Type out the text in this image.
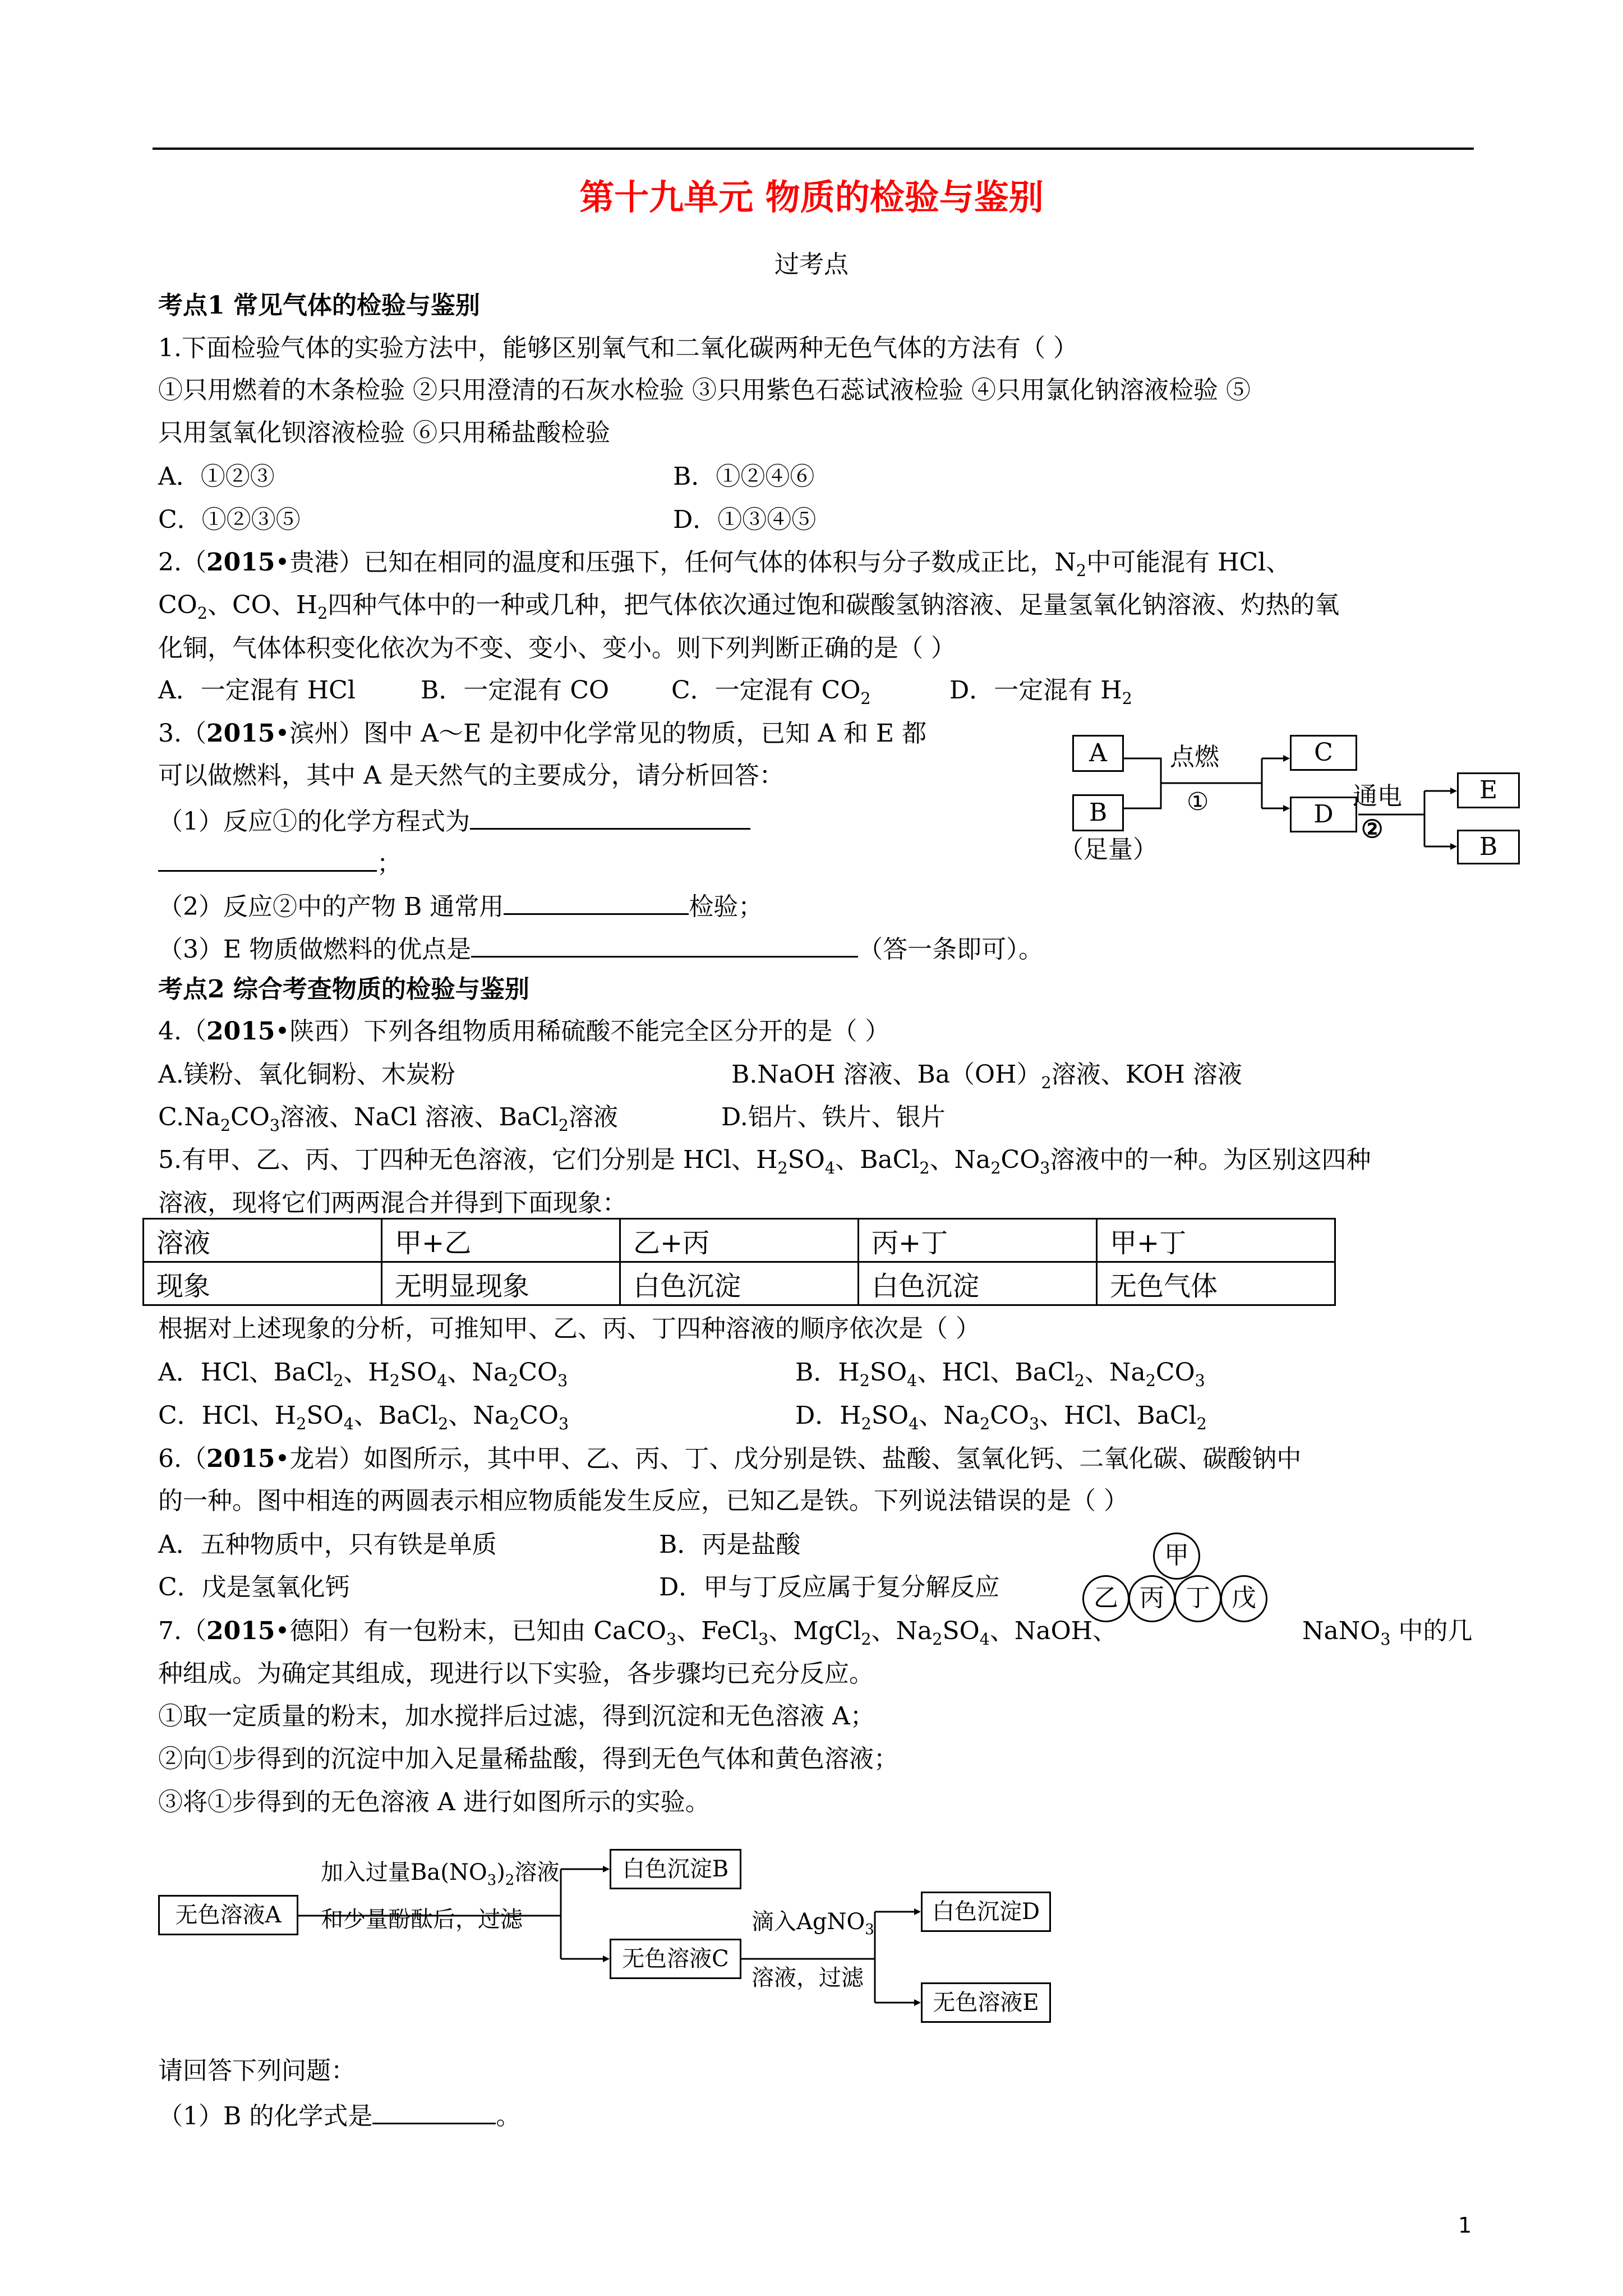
第十九单元 物质的检验与鉴别
过考点
考点1 常见气体的检验与鉴别
1.下面检验气体的实验方法中，能够区别氧气和二氧化碳两种无色气体的方法有（ ）
①只用燃着的木条检验 ②只用澄清的石灰水检验 ③只用紫色石蕊试液检验 ④只用氯化钠溶液检验 ⑤
只用氢氧化钡溶液检验 ⑥只用稀盐酸检验
A．①②③	B．①②④⑥
C．①②③⑤	D．①③④⑤
2.（2015•贵港）已知在相同的温度和压强下，任何气体的体积与分子数成正比，$N_2$中可能混有 HCl、
$CO_2$、CO、$H_2$四种气体中的一种或几种，把气体依次通过饱和碳酸氢钠溶液、足量氢氧化钠溶液、灼热的氧
化铜，气体体积变化依次为不变、变小、变小。则下列判断正确的是（ ）
A．一定混有 HCl	B．一定混有 CO	C．一定混有 $CO_2$	D．一定混有 $H_2$
3.（2015•滨州）图中 A～E 是初中化学常见的物质，已知 A 和 E 都
可以做燃料，其中 A 是天然气的主要成分，请分析回答：
（1）反应①的化学方程式为
；
（2）反应②中的产物 B 通常用	检验；
（3）E 物质做燃料的优点是	（答一条即可）。
A
B
（足量）
点燃
①
C
D
通电
②
E
B
考点2 综合考查物质的检验与鉴别
4.（2015•陕西）下列各组物质用稀硫酸不能完全区分开的是（ ）
A.镁粉、氧化铜粉、木炭粉	B.NaOH 溶液、$Ba(OH)_2$溶液、KOH 溶液
$C.Na_2CO_3$溶液、NaCl 溶液、BaCl$_2$溶液	D.铝片、铁片、银片
5.有甲、乙、丙、丁四种无色溶液，它们分别是 HCl、$H_2SO_4$、BaCl$_2$、$Na_2CO_3$溶液中的一种。为区别这四种
溶液，现将它们两两混合并得到下面现象：
溶液	甲+乙	乙+丙	丙+丁	甲+丁
现象	无明显现象	白色沉淀	白色沉淀	无色气体
根据对上述现象的分析，可推知甲、乙、丙、丁四种溶液的顺序依次是（ ）
A．HCl、BaCl$_2$、$H_2SO_4$、$Na_2CO_3$	B．$H_2SO_4$、HCl、BaCl$_2$、$Na_2CO_3$
C．HCl、$H_2SO_4$、BaCl$_2$、$Na_2CO_3$	D．$H_2SO_4$、$Na_2CO_3$、HCl、BaCl$_2$
6.（2015•龙岩）如图所示，其中甲、乙、丙、丁、戊分别是铁、盐酸、氢氧化钙、二氧化碳、碳酸钠中
的一种。图中相连的两圆表示相应物质能发生反应，已知乙是铁。下列说法错误的是（ ）
A．五种物质中，只有铁是单质	B．丙是盐酸
C．戊是氢氧化钙	D．甲与丁反应属于复分解反应
甲
乙 丙 丁 戊
7.（2015•德阳）有一包粉末，已知由 CaCO$_3$、FeCl$_3$、MgCl$_2$、$Na_2SO_4$、NaOH、	NaNO$_3$ 中的几
种组成。为确定其组成，现进行以下实验，各步骤均已充分反应。
①取一定质量的粉末，加水搅拌后过滤，得到沉淀和无色溶液 A；
②向①步得到的沉淀中加入足量稀盐酸，得到无色气体和黄色溶液；
③将①步得到的无色溶液 A 进行如图所示的实验。
无色溶液A
加入过量$Ba(NO_3)_2$溶液
和少量酚酞后，过滤
白色沉淀B
无色溶液C
滴入AgNO$_3$
溶液，过滤
白色沉淀D
无色溶液E
请回答下列问题：
（1）B 的化学式是	。
1
